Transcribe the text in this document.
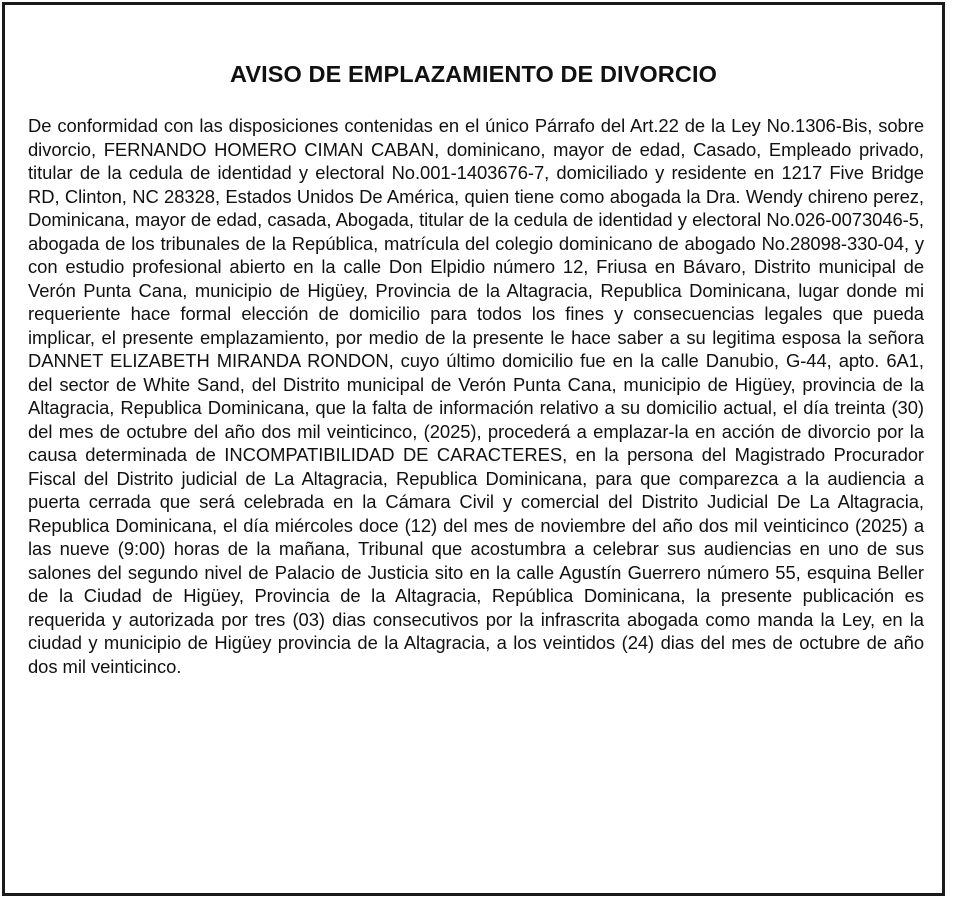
AVISO DE EMPLAZAMIENTO DE DIVORCIO

De conformidad con las disposiciones contenidas en el único Párrafo del Art.22 de la Ley No.1306-Bis, sobre divorcio, FERNANDO HOMERO CIMAN CABAN, dominicano, mayor de edad, Casado, Empleado privado, titular de la cedula de identidad y electoral No.001-1403676-7, domiciliado y residente en 1217 Five Bridge RD, Clinton, NC 28328, Estados Unidos De América, quien tiene como abogada la Dra. Wendy chireno perez, Dominicana, mayor de edad, casada, Abogada, titular de la cedula de identidad y electoral No.026-0073046-5, abogada de los tribunales de la República, matrícula del colegio dominicano de abogado No.28098-330-04, y con estudio profesional abierto en la calle Don Elpidio número 12, Friusa en Bávaro, Distrito municipal de Verón Punta Cana, municipio de Higüey, Provincia de la Altagracia, Republica Dominicana, lugar donde mi requeriente hace formal elección de domicilio para todos los fines y consecuencias legales que pueda implicar, el presente emplazamiento, por medio de la presente le hace saber a su legitima esposa la señora DANNET ELIZABETH MIRANDA RONDON, cuyo último domicilio fue en la calle Danubio, G-44, apto. 6A1, del sector de White Sand, del Distrito municipal de Verón Punta Cana, municipio de Higüey, provincia de la Altagracia, Republica Dominicana, que la falta de información relativo a su domicilio actual, el día treinta (30) del mes de octubre del año dos mil veinticinco, (2025), procederá a emplazar-la en acción de divorcio por la causa determinada de INCOMPATIBILIDAD DE CARACTERES, en la persona del Magistrado Procurador Fiscal del Distrito judicial de La Altagracia, Republica Dominicana, para que comparezca a la audiencia a puerta cerrada que será celebrada en la Cámara Civil y comercial del Distrito Judicial De La Altagracia, Republica Dominicana, el día miércoles doce (12) del mes de noviembre del año dos mil veinticinco (2025) a las nueve (9:00) horas de la mañana, Tribunal que acostumbra a celebrar sus audiencias en uno de sus salones del segundo nivel de Palacio de Justicia sito en la calle Agustín Guerrero número 55, esquina Beller de la Ciudad de Higüey, Provincia de la Altagracia, República Dominicana, la presente publicación es requerida y autorizada por tres (03) dias consecutivos por la infrascrita abogada como manda la Ley, en la ciudad y municipio de Higüey provincia de la Altagracia, a los veintidos (24) dias del mes de octubre de año dos mil veinticinco.
